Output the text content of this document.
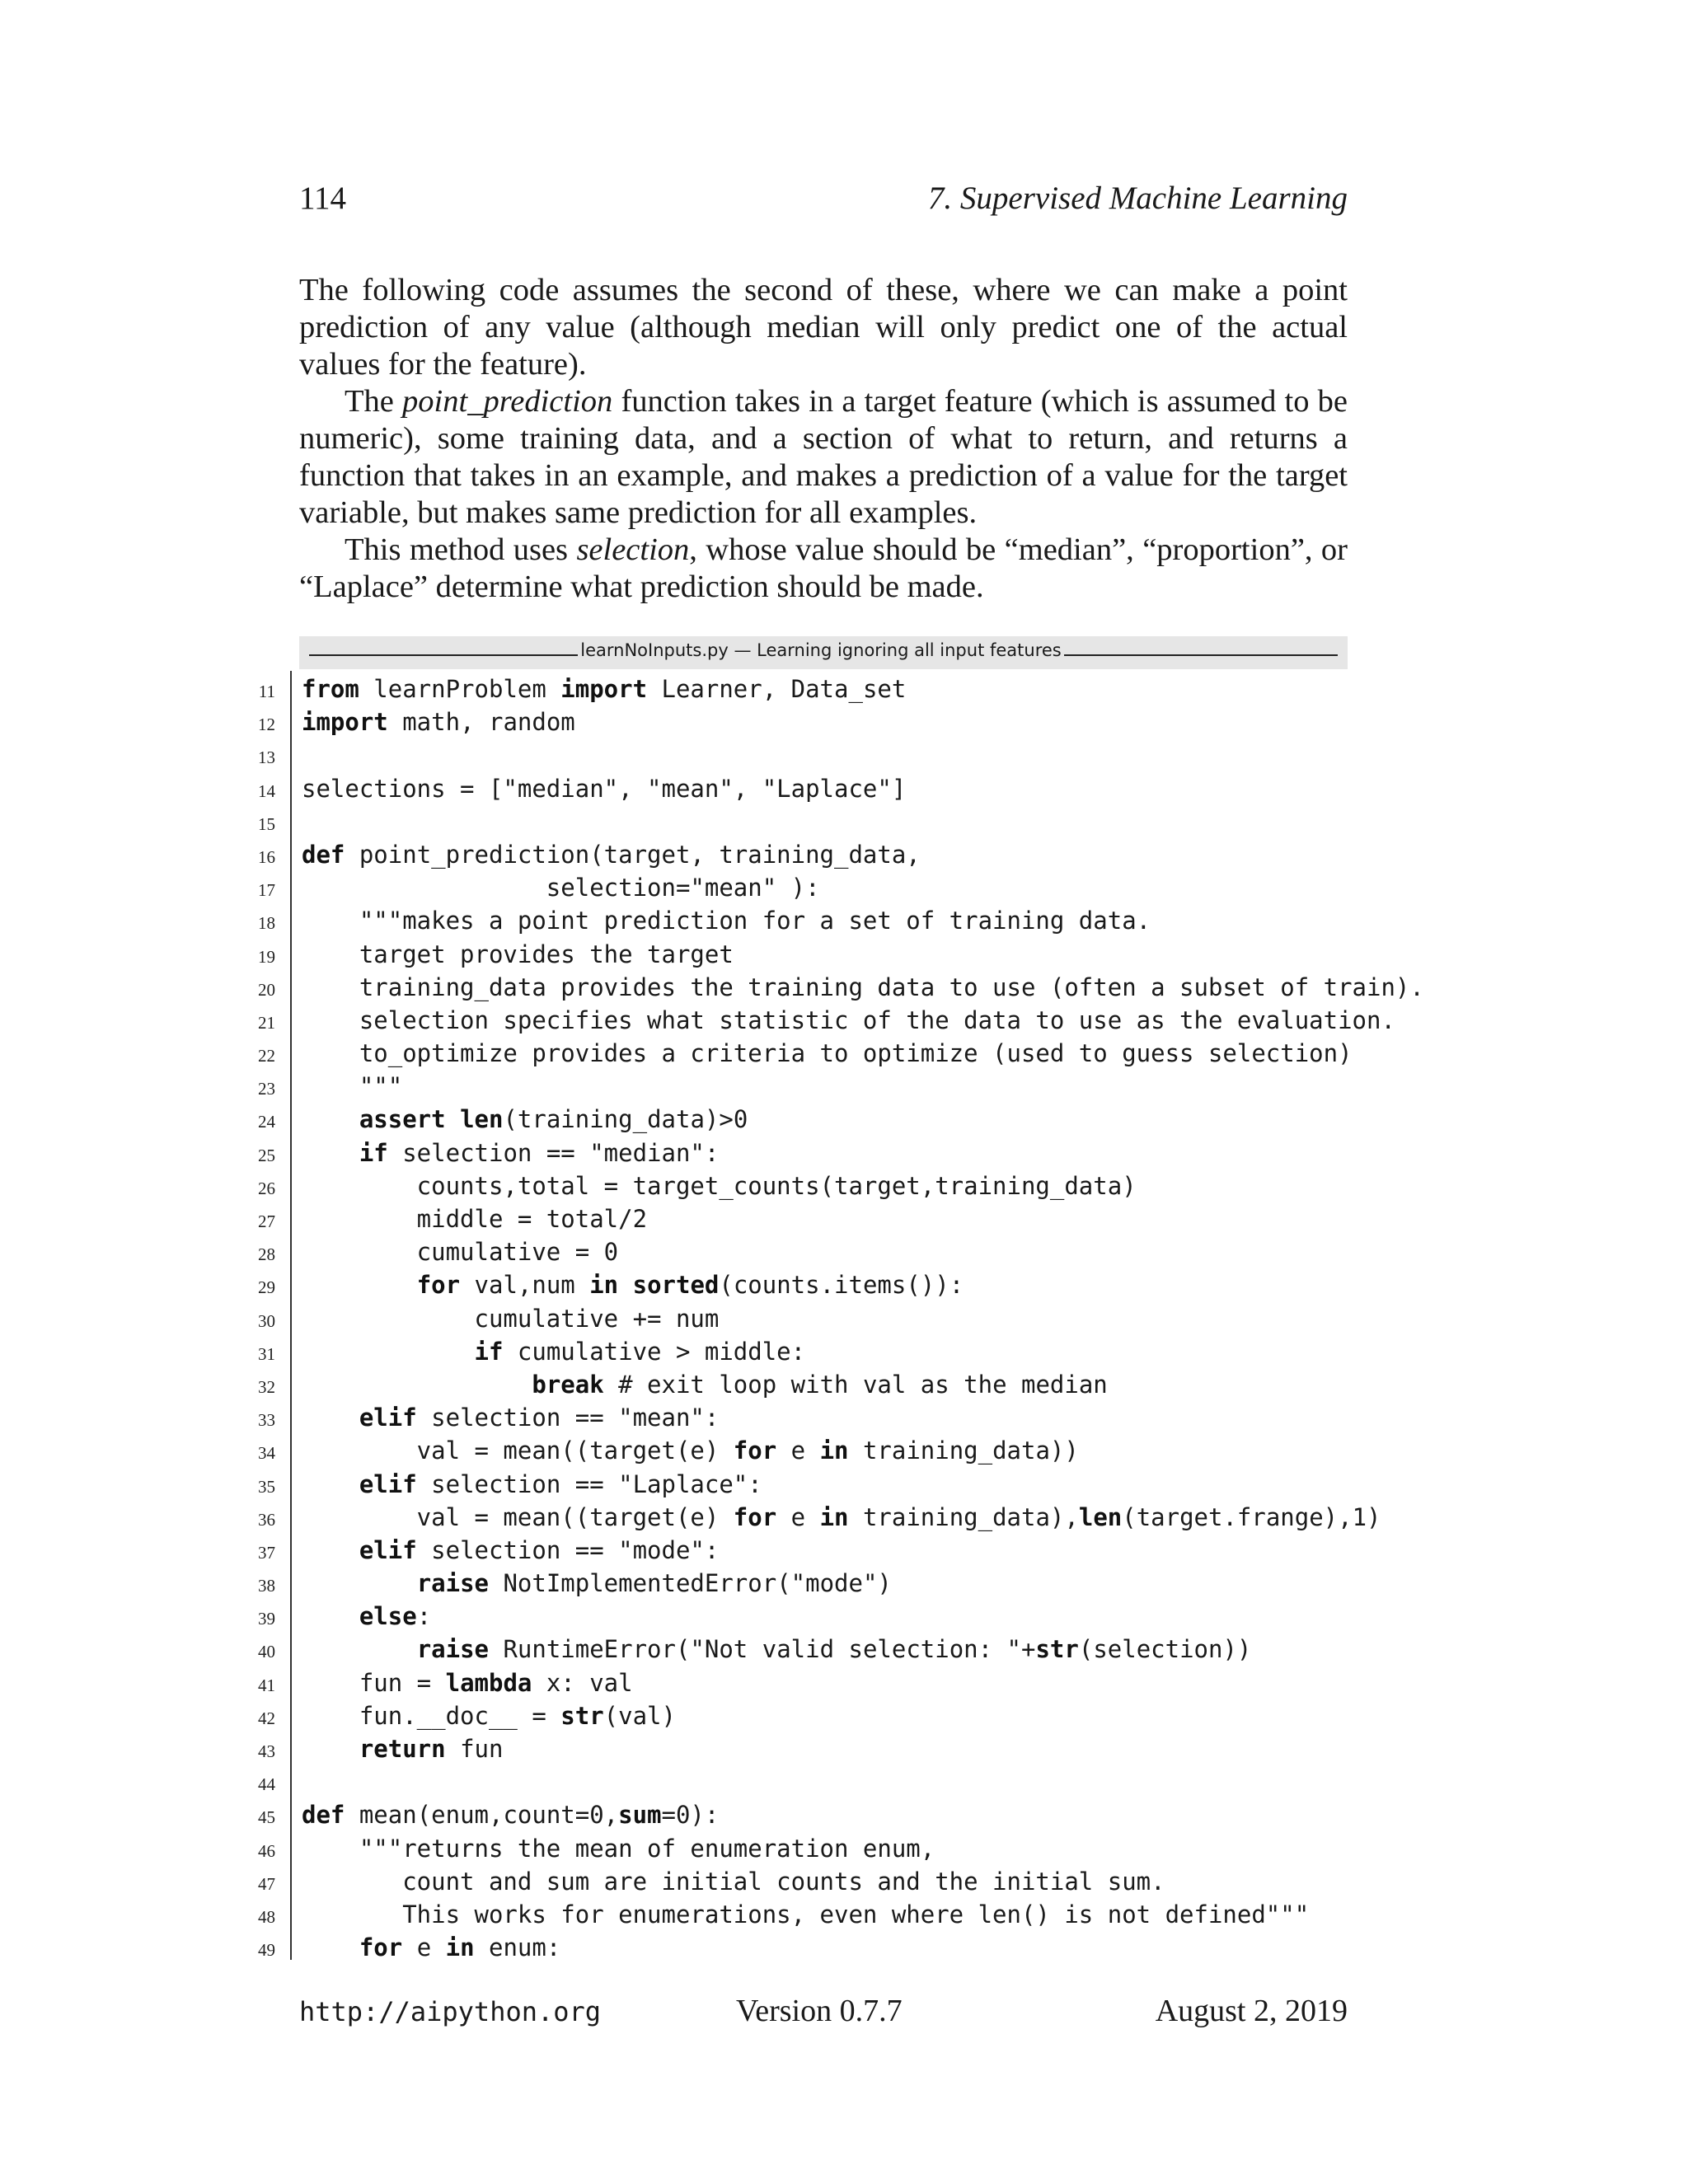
114	7. Supervised Machine Learning

The following code assumes the second of these, where we can make a point prediction of any value (although median will only predict one of the actual values for the feature).

The point_prediction function takes in a target feature (which is assumed to be numeric), some training data, and a section of what to return, and returns a function that takes in an example, and makes a prediction of a value for the target variable, but makes same prediction for all examples.

This method uses selection, whose value should be “median”, “proportion”, or “Laplace” determine what prediction should be made.

learnNoInputs.py — Learning ignoring all input features
11 from learnProblem import Learner, Data_set
12 import math, random
13
14 selections = ["median", "mean", "Laplace"]
15
16 def point_prediction(target, training_data,
17 selection="mean" ):
18 """makes a point prediction for a set of training data.
19 target provides the target
20 training_data provides the training data to use (often a subset of train).
21 selection specifies what statistic of the data to use as the evaluation.
22 to_optimize provides a criteria to optimize (used to guess selection)
23 """
24	assert len(training_data)>0
25	if selection == "median":
26 counts,total = target_counts(target,training_data)
27 middle = total/2
28 cumulative = 0
29	for val,num in sorted(counts.items()):
30 cumulative += num
31	if cumulative > middle:
32	break # exit loop with val as the median
33	elif selection == "mean":
34 val = mean((target(e) for e in training_data))
35	elif selection == "Laplace":
36 val = mean((target(e) for e in training_data),len(target.frange),1)
37	elif selection == "mode":
38	raise NotImplementedError("mode")
39	else:
40	raise RuntimeError("Not valid selection: "+str(selection))
41 fun = lambda x: val
42 fun.__doc__ = str(val)
43	return fun
44
45 def mean(enum,count=0,sum=0):
46 """returns the mean of enumeration enum,
47 count and sum are initial counts and the initial sum.
48 This works for enumerations, even where len() is not defined"""
49	for e in enum:
http://aipython.org	Version 0.7.7	August 2, 2019
